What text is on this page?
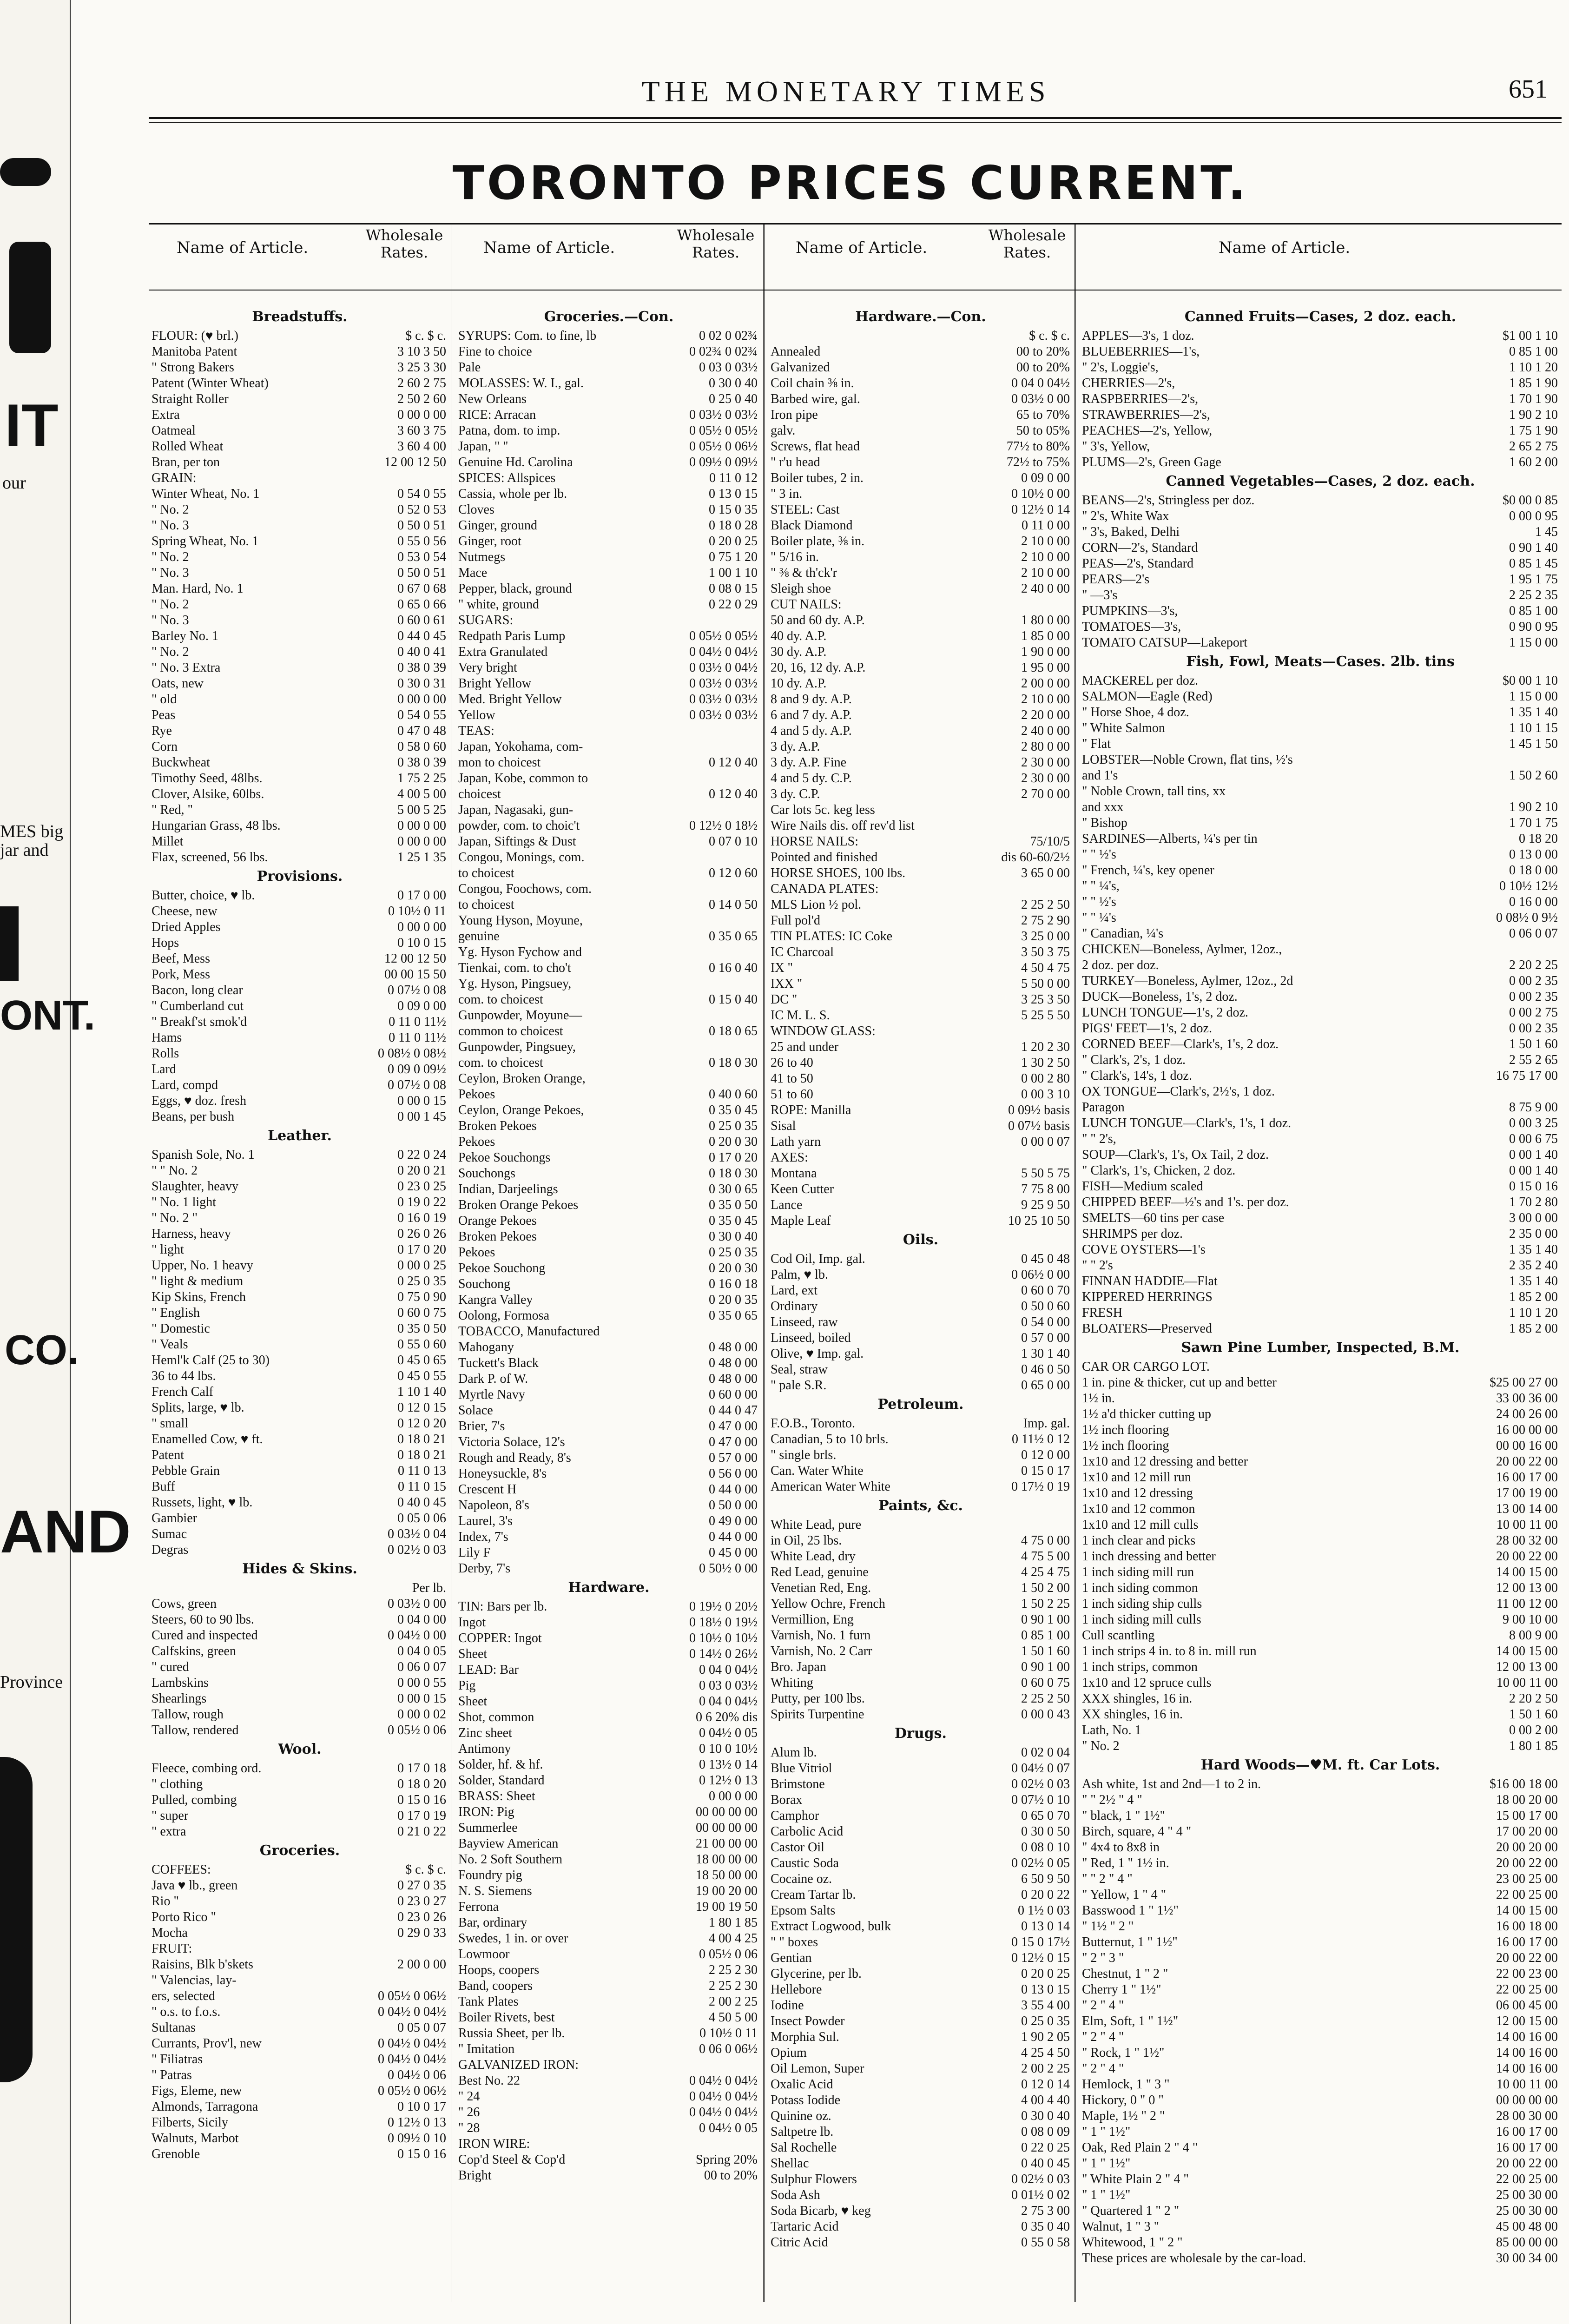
IT
our
MES big
jar and
ONT.
CO.
AND
Province
THE MONETARY TIMES	651
TORONTO PRICES CURRENT.
Name of Article.
Wholesale Rates.
Breadstuffs.
FLOUR: (♥ brl.)	$ c. $ c.
Manitoba Patent	3 10 3 50
" Strong Bakers	3 25 3 30
Patent (Winter Wheat)	2 60 2 75
Straight Roller	2 50 2 60
Extra	0 00 0 00
Oatmeal	3 60 3 75
Rolled Wheat	3 60 4 00
Bran, per ton	12 00 12 50
GRAIN:
Winter Wheat, No. 1	0 54 0 55
" No. 2	0 52 0 53
" No. 3	0 50 0 51
Spring Wheat, No. 1	0 55 0 56
" No. 2	0 53 0 54
" No. 3	0 50 0 51
Man. Hard, No. 1	0 67 0 68
" No. 2	0 65 0 66
" No. 3	0 60 0 61
Barley No. 1	0 44 0 45
" No. 2	0 40 0 41
" No. 3 Extra	0 38 0 39
Oats, new	0 30 0 31
" old	0 00 0 00
Peas	0 54 0 55
Rye	0 47 0 48
Corn	0 58 0 60
Buckwheat	0 38 0 39
Timothy Seed, 48lbs.	1 75 2 25
Clover, Alsike, 60lbs.	4 00 5 00
" Red, "	5 00 5 25
Hungarian Grass, 48 lbs.	0 00 0 00
Millet	0 00 0 00
Flax, screened, 56 lbs.	1 25 1 35
Provisions.
Butter, choice, ♥ lb.	0 17 0 00
Cheese, new	0 10½ 0 11
Dried Apples	0 00 0 00
Hops	0 10 0 15
Beef, Mess	12 00 12 50
Pork, Mess	00 00 15 50
Bacon, long clear	0 07½ 0 08
" Cumberland cut	0 09 0 00
" Breakf'st smok'd	0 11 0 11½
Hams	0 11 0 11½
Rolls	0 08½ 0 08½
Lard	0 09 0 09½
Lard, compd	0 07½ 0 08
Eggs, ♥ doz. fresh	0 00 0 15
Beans, per bush	0 00 1 45
Leather.
Spanish Sole, No. 1	0 22 0 24
" " No. 2	0 20 0 21
Slaughter, heavy	0 23 0 25
" No. 1 light	0 19 0 22
" No. 2 "	0 16 0 19
Harness, heavy	0 26 0 26
" light	0 17 0 20
Upper, No. 1 heavy	0 00 0 25
" light & medium	0 25 0 35
Kip Skins, French	0 75 0 90
" English	0 60 0 75
" Domestic	0 35 0 50
" Veals	0 55 0 60
Heml'k Calf (25 to 30)	0 45 0 65
36 to 44 lbs.	0 45 0 55
French Calf	1 10 1 40
Splits, large, ♥ lb.	0 12 0 15
" small	0 12 0 20
Enamelled Cow, ♥ ft.	0 18 0 21
Patent	0 18 0 21
Pebble Grain	0 11 0 13
Buff	0 11 0 15
Russets, light, ♥ lb.	0 40 0 45
Gambier	0 05 0 06
Sumac	0 03½ 0 04
Degras	0 02½ 0 03
Hides & Skins.
Per lb.
Cows, green	0 03½ 0 00
Steers, 60 to 90 lbs.	0 04 0 00
Cured and inspected	0 04½ 0 00
Calfskins, green	0 04 0 05
" cured	0 06 0 07
Lambskins	0 00 0 55
Shearlings	0 00 0 15
Tallow, rough	0 00 0 02
Tallow, rendered	0 05½ 0 06
Wool.
Fleece, combing ord.	0 17 0 18
" clothing	0 18 0 20
Pulled, combing	0 15 0 16
" super	0 17 0 19
" extra	0 21 0 22
Groceries.
COFFEES:	$ c. $ c.
Java ♥ lb., green	0 27 0 35
Rio "	0 23 0 27
Porto Rico "	0 23 0 26
Mocha	0 29 0 33
FRUIT:
Raisins, Blk b'skets	2 00 0 00
" Valencias, lay-
ers, selected	0 05½ 0 06½
" o.s. to f.o.s.	0 04½ 0 04½
Sultanas	0 05 0 07
Currants, Prov'l, new	0 04½ 0 04½
" Filiatras	0 04½ 0 04½
" Patras	0 04½ 0 06
Figs, Eleme, new	0 05½ 0 06½
Almonds, Tarragona	0 10 0 17
Filberts, Sicily	0 12½ 0 13
Walnuts, Marbot	0 09½ 0 10
Grenoble	0 15 0 16
Name of Article.
Wholesale Rates.
Groceries.—Con.
SYRUPS: Com. to fine, lb	0 02 0 02¾
Fine to choice	0 02¾ 0 02¾
Pale	0 03 0 03½
MOLASSES: W. I., gal.	0 30 0 40
New Orleans	0 25 0 40
RICE: Arracan	0 03½ 0 03½
Patna, dom. to imp.	0 05½ 0 05½
Japan, " "	0 05½ 0 06½
Genuine Hd. Carolina	0 09½ 0 09½
SPICES: Allspices	0 11 0 12
Cassia, whole per lb.	0 13 0 15
Cloves	0 15 0 35
Ginger, ground	0 18 0 28
Ginger, root	0 20 0 25
Nutmegs	0 75 1 20
Mace	1 00 1 10
Pepper, black, ground	0 08 0 15
" white, ground	0 22 0 29
SUGARS:
Redpath Paris Lump	0 05½ 0 05½
Extra Granulated	0 04½ 0 04½
Very bright	0 03½ 0 04½
Bright Yellow	0 03½ 0 03½
Med. Bright Yellow	0 03½ 0 03½
Yellow	0 03½ 0 03½
TEAS:
Japan, Yokohama, com-
mon to choicest	0 12 0 40
Japan, Kobe, common to
choicest	0 12 0 40
Japan, Nagasaki, gun-
powder, com. to choic't	0 12½ 0 18½
Japan, Siftings & Dust	0 07 0 10
Congou, Monings, com.
to choicest	0 12 0 60
Congou, Foochows, com.
to choicest	0 14 0 50
Young Hyson, Moyune,
genuine	0 35 0 65
Yg. Hyson Fychow and
Tienkai, com. to cho't	0 16 0 40
Yg. Hyson, Pingsuey,
com. to choicest	0 15 0 40
Gunpowder, Moyune—
common to choicest	0 18 0 65
Gunpowder, Pingsuey,
com. to choicest	0 18 0 30
Ceylon, Broken Orange,
Pekoes	0 40 0 60
Ceylon, Orange Pekoes,	0 35 0 45
Broken Pekoes	0 25 0 35
Pekoes	0 20 0 30
Pekoe Souchongs	0 17 0 20
Souchongs	0 18 0 30
Indian, Darjeelings	0 30 0 65
Broken Orange Pekoes	0 35 0 50
Orange Pekoes	0 35 0 45
Broken Pekoes	0 30 0 40
Pekoes	0 25 0 35
Pekoe Souchong	0 20 0 30
Souchong	0 16 0 18
Kangra Valley	0 20 0 35
Oolong, Formosa	0 35 0 65
TOBACCO, Manufactured
Mahogany	0 48 0 00
Tuckett's Black	0 48 0 00
Dark P. of W.	0 48 0 00
Myrtle Navy	0 60 0 00
Solace	0 44 0 47
Brier, 7's	0 47 0 00
Victoria Solace, 12's	0 47 0 00
Rough and Ready, 8's	0 57 0 00
Honeysuckle, 8's	0 56 0 00
Crescent H	0 44 0 00
Napoleon, 8's	0 50 0 00
Laurel, 3's	0 49 0 00
Index, 7's	0 44 0 00
Lily F	0 45 0 00
Derby, 7's	0 50½ 0 00
Hardware.
TIN: Bars per lb.	0 19½ 0 20½
Ingot	0 18½ 0 19½
COPPER: Ingot	0 10½ 0 10½
Sheet	0 14½ 0 26½
LEAD: Bar	0 04 0 04½
Pig	0 03 0 03½
Sheet	0 04 0 04½
Shot, common	0 6 20% dis
Zinc sheet	0 04½ 0 05
Antimony	0 10 0 10½
Solder, hf. & hf.	0 13½ 0 14
Solder, Standard	0 12½ 0 13
BRASS: Sheet	0 00 0 00
IRON: Pig	00 00 00 00
Summerlee	00 00 00 00
Bayview American	21 00 00 00
No. 2 Soft Southern	18 00 00 00
Foundry pig	18 50 00 00
N. S. Siemens	19 00 20 00
Ferrona	19 00 19 50
Bar, ordinary	1 80 1 85
Swedes, 1 in. or over	4 00 4 25
Lowmoor	0 05½ 0 06
Hoops, coopers	2 25 2 30
Band, coopers	2 25 2 30
Tank Plates	2 00 2 25
Boiler Rivets, best	4 50 5 00
Russia Sheet, per lb.	0 10½ 0 11
" Imitation	0 06 0 06½
GALVANIZED IRON:
Best No. 22	0 04½ 0 04½
" 24	0 04½ 0 04½
" 26	0 04½ 0 04½
" 28	0 04½ 0 05
IRON WIRE:
Cop'd Steel & Cop'd	Spring 20%
Bright	00 to 20%
Name of Article.
Wholesale Rates.
Hardware.—Con.
$ c. $ c.
Annealed	00 to 20%
Galvanized	00 to 20%
Coil chain ⅜ in.	0 04 0 04½
Barbed wire, gal.	0 03½ 0 00
Iron pipe	65 to 70%
galv.	50 to 05%
Screws, flat head	77½ to 80%
" r'u head	72½ to 75%
Boiler tubes, 2 in.	0 09 0 00
" 3 in.	0 10½ 0 00
STEEL: Cast	0 12½ 0 14
Black Diamond	0 11 0 00
Boiler plate, ⅜ in.	2 10 0 00
" 5/16 in.	2 10 0 00
" ⅜ & th'ck'r	2 10 0 00
Sleigh shoe	2 40 0 00
CUT NAILS:
50 and 60 dy. A.P.	1 80 0 00
40 dy. A.P.	1 85 0 00
30 dy. A.P.	1 90 0 00
20, 16, 12 dy. A.P.	1 95 0 00
10 dy. A.P.	2 00 0 00
8 and 9 dy. A.P.	2 10 0 00
6 and 7 dy. A.P.	2 20 0 00
4 and 5 dy. A.P.	2 40 0 00
3 dy. A.P.	2 80 0 00
3 dy. A.P. Fine	2 30 0 00
4 and 5 dy. C.P.	2 30 0 00
3 dy. C.P.	2 70 0 00
Car lots 5c. keg less
Wire Nails dis. off rev'd list
HORSE NAILS:	75/10/5
Pointed and finished	dis 60-60/2½
HORSE SHOES, 100 lbs.	3 65 0 00
CANADA PLATES:
MLS Lion ½ pol.	2 25 2 50
Full pol'd	2 75 2 90
TIN PLATES: IC Coke	3 25 0 00
IC Charcoal	3 50 3 75
IX "	4 50 4 75
IXX "	5 50 0 00
DC "	3 25 3 50
IC M. L. S.	5 25 5 50
WINDOW GLASS:
25 and under	1 20 2 30
26 to 40	1 30 2 50
41 to 50	0 00 2 80
51 to 60	0 00 3 10
ROPE: Manilla	0 09½ basis
Sisal	0 07½ basis
Lath yarn	0 00 0 07
AXES:
Montana	5 50 5 75
Keen Cutter	7 75 8 00
Lance	9 25 9 50
Maple Leaf	10 25 10 50
Oils.
Cod Oil, Imp. gal.	0 45 0 48
Palm, ♥ lb.	0 06½ 0 00
Lard, ext	0 60 0 70
Ordinary	0 50 0 60
Linseed, raw	0 54 0 00
Linseed, boiled	0 57 0 00
Olive, ♥ Imp. gal.	1 30 1 40
Seal, straw	0 46 0 50
" pale S.R.	0 65 0 00
Petroleum.
F.O.B., Toronto.	Imp. gal.
Canadian, 5 to 10 brls.	0 11½ 0 12
" single brls.	0 12 0 00
Can. Water White	0 15 0 17
American Water White	0 17½ 0 19
Paints, &c.
White Lead, pure
in Oil, 25 lbs.	4 75 0 00
White Lead, dry	4 75 5 00
Red Lead, genuine	4 25 4 75
Venetian Red, Eng.	1 50 2 00
Yellow Ochre, French	1 50 2 25
Vermillion, Eng	0 90 1 00
Varnish, No. 1 furn	0 85 1 00
Varnish, No. 2 Carr	1 50 1 60
Bro. Japan	0 90 1 00
Whiting	0 60 0 75
Putty, per 100 lbs.	2 25 2 50
Spirits Turpentine	0 00 0 43
Drugs.
Alum lb.	0 02 0 04
Blue Vitriol	0 04½ 0 07
Brimstone	0 02½ 0 03
Borax	0 07½ 0 10
Camphor	0 65 0 70
Carbolic Acid	0 30 0 50
Castor Oil	0 08 0 10
Caustic Soda	0 02½ 0 05
Cocaine oz.	6 50 9 50
Cream Tartar lb.	0 20 0 22
Epsom Salts	0 1½ 0 03
Extract Logwood, bulk	0 13 0 14
" " boxes	0 15 0 17½
Gentian	0 12½ 0 15
Glycerine, per lb.	0 20 0 25
Hellebore	0 13 0 15
Iodine	3 55 4 00
Insect Powder	0 25 0 35
Morphia Sul.	1 90 2 05
Opium	4 25 4 50
Oil Lemon, Super	2 00 2 25
Oxalic Acid	0 12 0 14
Potass Iodide	4 00 4 40
Quinine oz.	0 30 0 40
Saltpetre lb.	0 08 0 09
Sal Rochelle	0 22 0 25
Shellac	0 40 0 45
Sulphur Flowers	0 02½ 0 03
Soda Ash	0 01½ 0 02
Soda Bicarb, ♥ keg	2 75 3 00
Tartaric Acid	0 35 0 40
Citric Acid	0 55 0 58
Name of Article.
Canned Fruits—Cases, 2 doz. each.
APPLES—3's, 1 doz.	$1 00 1 10
BLUEBERRIES—1's,	0 85 1 00
" 2's, Loggie's,	1 10 1 20
CHERRIES—2's,	1 85 1 90
RASPBERRIES—2's,	1 70 1 90
STRAWBERRIES—2's,	1 90 2 10
PEACHES—2's, Yellow,	1 75 1 90
" 3's, Yellow,	2 65 2 75
PLUMS—2's, Green Gage	1 60 2 00
Canned Vegetables—Cases, 2 doz. each.
BEANS—2's, Stringless per doz.	$0 00 0 85
" 2's, White Wax	0 00 0 95
" 3's, Baked, Delhi	1 45
CORN—2's, Standard	0 90 1 40
PEAS—2's, Standard	0 85 1 45
PEARS—2's	1 95 1 75
" —3's	2 25 2 35
PUMPKINS—3's,	0 85 1 00
TOMATOES—3's,	0 90 0 95
TOMATO CATSUP—Lakeport	1 15 0 00
Fish, Fowl, Meats—Cases. 2lb. tins
MACKEREL per doz.	$0 00 1 10
SALMON—Eagle (Red)	1 15 0 00
" Horse Shoe, 4 doz.	1 35 1 40
" White Salmon	1 10 1 15
" Flat	1 45 1 50
LOBSTER—Noble Crown, flat tins, ½'s
and 1's	1 50 2 60
" Noble Crown, tall tins, xx
and xxx	1 90 2 10
" Bishop	1 70 1 75
SARDINES—Alberts, ¼'s per tin	0 18 20
" " ½'s	0 13 0 00
" French, ¼'s, key opener	0 18 0 00
" " ¼'s,	0 10½ 12½
" " ½'s	0 16 0 00
" " ¼'s	0 08½ 0 9½
" Canadian, ¼'s	0 06 0 07
CHICKEN—Boneless, Aylmer, 12oz.,
2 doz. per doz.	2 20 2 25
TURKEY—Boneless, Aylmer, 12oz., 2d	0 00 2 35
DUCK—Boneless, 1's, 2 doz.	0 00 2 35
LUNCH TONGUE—1's, 2 doz.	0 00 2 75
PIGS' FEET—1's, 2 doz.	0 00 2 35
CORNED BEEF—Clark's, 1's, 2 doz.	1 50 1 60
" Clark's, 2's, 1 doz.	2 55 2 65
" Clark's, 14's, 1 doz.	16 75 17 00
OX TONGUE—Clark's, 2½'s, 1 doz.
Paragon	8 75 9 00
LUNCH TONGUE—Clark's, 1's, 1 doz.	0 00 3 25
" " 2's,	0 00 6 75
SOUP—Clark's, 1's, Ox Tail, 2 doz.	0 00 1 40
" Clark's, 1's, Chicken, 2 doz.	0 00 1 40
FISH—Medium scaled	0 15 0 16
CHIPPED BEEF—½'s and 1's. per doz.	1 70 2 80
SMELTS—60 tins per case	3 00 0 00
SHRIMPS per doz.	2 35 0 00
COVE OYSTERS—1's	1 35 1 40
" " 2's	2 35 2 40
FINNAN HADDIE—Flat	1 35 1 40
KIPPERED HERRINGS	1 85 2 00
FRESH	1 10 1 20
BLOATERS—Preserved	1 85 2 00
Sawn Pine Lumber, Inspected, B.M.
CAR OR CARGO LOT.
1 in. pine & thicker, cut up and better	$25 00 27 00
1½ in.	33 00 36 00
1½ a'd thicker cutting up	24 00 26 00
1½ inch flooring	16 00 00 00
1½ inch flooring	00 00 16 00
1x10 and 12 dressing and better	20 00 22 00
1x10 and 12 mill run	16 00 17 00
1x10 and 12 dressing	17 00 19 00
1x10 and 12 common	13 00 14 00
1x10 and 12 mill culls	10 00 11 00
1 inch clear and picks	28 00 32 00
1 inch dressing and better	20 00 22 00
1 inch siding mill run	14 00 15 00
1 inch siding common	12 00 13 00
1 inch siding ship culls	11 00 12 00
1 inch siding mill culls	9 00 10 00
Cull scantling	8 00 9 00
1 inch strips 4 in. to 8 in. mill run	14 00 15 00
1 inch strips, common	12 00 13 00
1x10 and 12 spruce culls	10 00 11 00
XXX shingles, 16 in.	2 20 2 50
XX shingles, 16 in.	1 50 1 60
Lath, No. 1	0 00 2 00
" No. 2	1 80 1 85
Hard Woods—♥M. ft. Car Lots.
Ash white, 1st and 2nd—1 to 2 in.	$16 00 18 00
" " 2½ " 4 "	18 00 20 00
" black, 1 " 1½"	15 00 17 00
Birch, square, 4 " 4 "	17 00 20 00
" 4x4 to 8x8 in	20 00 20 00
" Red, 1 " 1½ in.	20 00 22 00
" " 2 " 4 "	23 00 25 00
" Yellow, 1 " 4 "	22 00 25 00
Basswood 1 " 1½"	14 00 15 00
" 1½ " 2 "	16 00 18 00
Butternut, 1 " 1½"	16 00 17 00
" 2 " 3 "	20 00 22 00
Chestnut, 1 " 2 "	22 00 23 00
Cherry 1 " 1½"	22 00 25 00
" 2 " 4 "	06 00 45 00
Elm, Soft, 1 " 1½"	12 00 15 00
" 2 " 4 "	14 00 16 00
" Rock, 1 " 1½"	14 00 16 00
" 2 " 4 "	14 00 16 00
Hemlock, 1 " 3 "	10 00 11 00
Hickory, 0 " 0 "	00 00 00 00
Maple, 1½ " 2 "	28 00 30 00
" 1 " 1½"	16 00 17 00
Oak, Red Plain 2 " 4 "	16 00 17 00
" 1 " 1½"	20 00 22 00
" White Plain 2 " 4 "	22 00 25 00
" 1 " 1½"	25 00 30 00
" Quartered 1 " 2 "	25 00 30 00
Walnut, 1 " 3 "	45 00 48 00
Whitewood, 1 " 2 "	85 00 00 00
These prices are wholesale by the car-load.	30 00 34 00
